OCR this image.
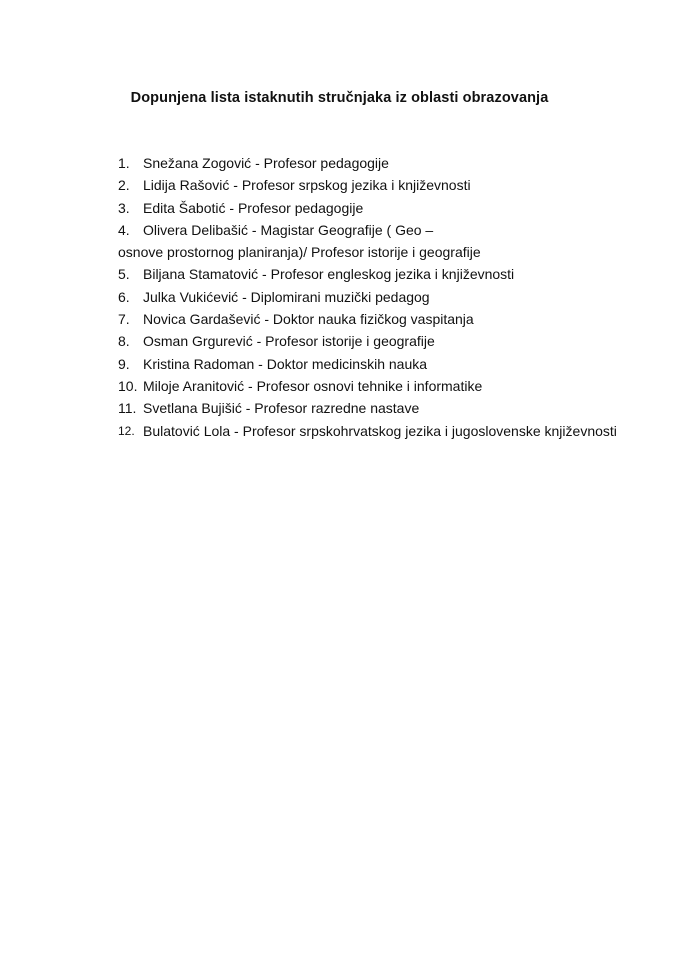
Dopunjena lista istaknutih stručnjaka iz oblasti obrazovanja
1. Snežana Zogović - Profesor pedagogije
2. Lidija Rašović - Profesor srpskog jezika i književnosti
3. Edita Šabotić - Profesor pedagogije
4. Olivera Delibašić - Magistar Geografije ( Geo –
osnove prostornog planiranja)/ Profesor istorije i geografije
5. Biljana Stamatović - Profesor engleskog jezika i književnosti
6. Julka Vukićević - Diplomirani muzički pedagog
7. Novica Gardašević - Doktor nauka fizičkog vaspitanja
8. Osman Grgurević - Profesor istorije i geografije
9. Kristina Radoman - Doktor medicinskih nauka
10. Miloje Aranitović - Profesor osnovi tehnike i informatike
11. Svetlana Bujišić - Profesor razredne nastave
12. Bulatović Lola - Profesor srpskohrvatskog jezika i jugoslovenske književnosti
